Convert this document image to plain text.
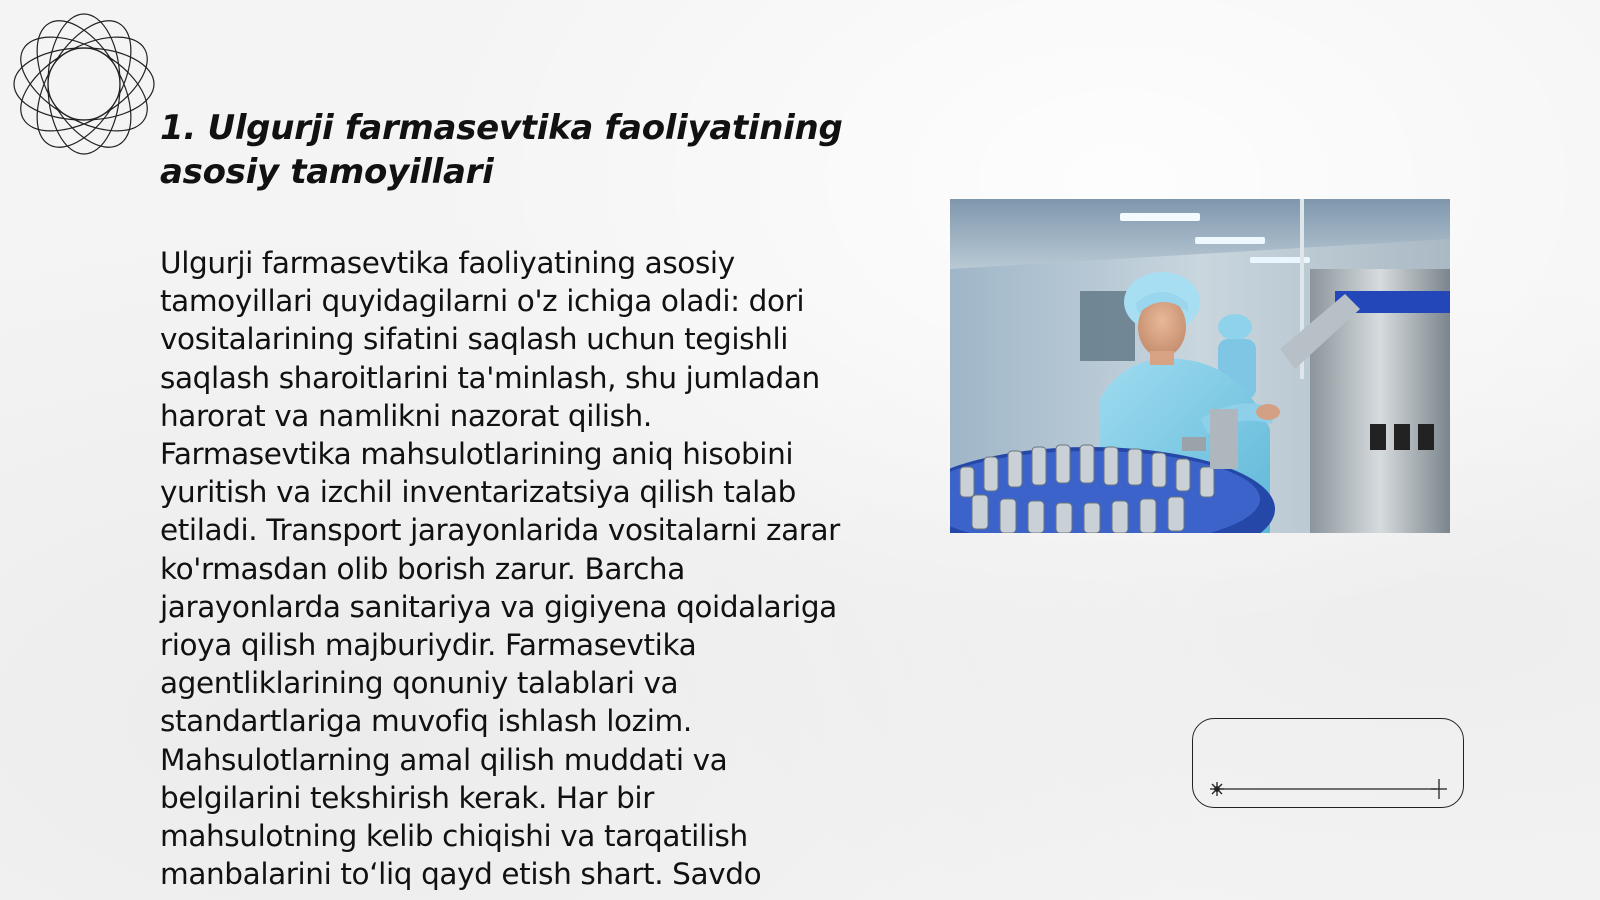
1. Ulgurji farmasevtika faoliyatining asosiy tamoyillari

Ulgurji farmasevtika faoliyatining asosiy tamoyillari quyidagilarni o'z ichiga oladi: dori vositalarining sifatini saqlash uchun tegishli saqlash sharoitlarini ta'minlash, shu jumladan harorat va namlikni nazorat qilish. Farmasevtika mahsulotlarining aniq hisobini yuritish va izchil inventarizatsiya qilish talab etiladi. Transport jarayonlarida vositalarni zarar ko'rmasdan olib borish zarur. Barcha jarayonlarda sanitariya va gigiyena qoidalariga rioya qilish majburiydir. Farmasevtika agentliklarining qonuniy talablari va standartlariga muvofiq ishlash lozim. Mahsulotlarning amal qilish muddati va belgilarini tekshirish kerak. Har bir mahsulotning kelib chiqishi va tarqatilish manbalarini to‘liq qayd etish shart. Savdo
